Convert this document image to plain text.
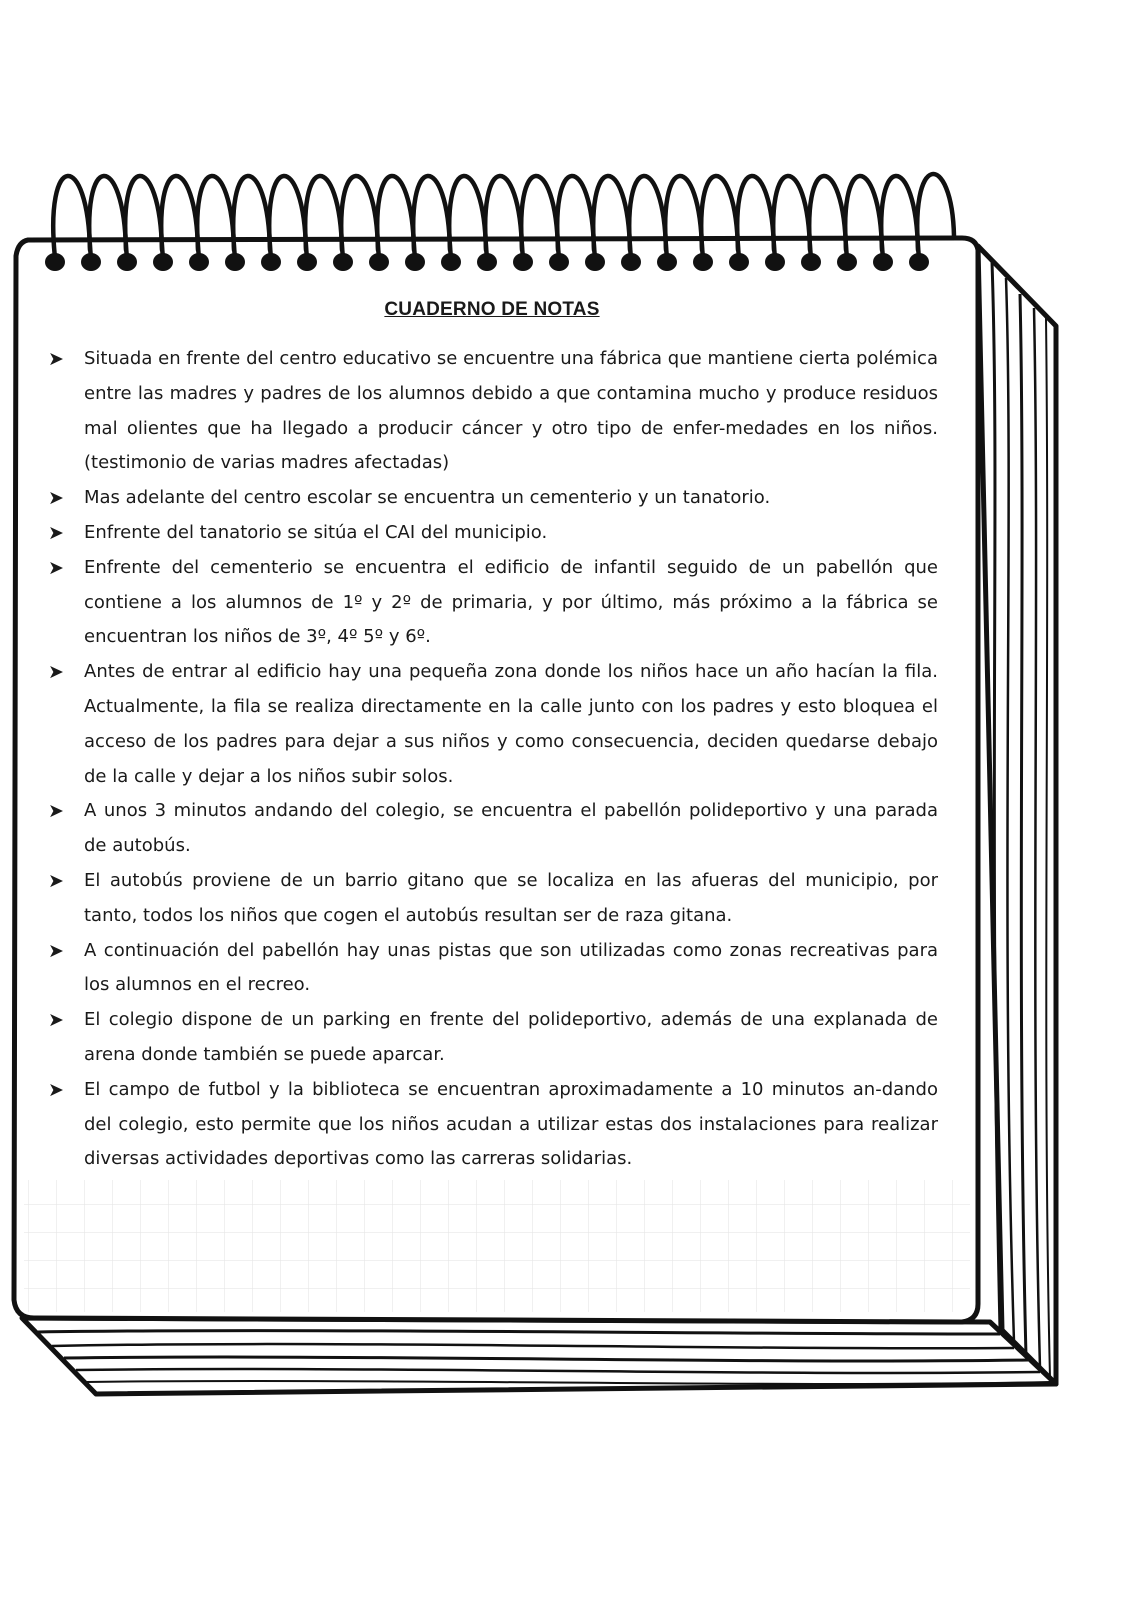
CUADERNO DE NOTAS
➤ Situada en frente del centro educativo se encuentre una fábrica que mantiene cierta polémica entre las madres y padres de los alumnos debido a que contamina mucho y produce residuos mal olientes que ha llegado a producir cáncer y otro tipo de enfer-medades en los niños. (testimonio de varias madres afectadas)
➤ Mas adelante del centro escolar se encuentra un cementerio y un tanatorio.
➤ Enfrente del tanatorio se sitúa el CAI del municipio.
➤ Enfrente del cementerio se encuentra el edificio de infantil seguido de un pabellón que contiene a los alumnos de 1º y 2º de primaria, y por último, más próximo a la fábrica se encuentran los niños de 3º, 4º 5º y 6º.
➤ Antes de entrar al edificio hay una pequeña zona donde los niños hace un año hacían la fila. Actualmente, la fila se realiza directamente en la calle junto con los padres y esto bloquea el acceso de los padres para dejar a sus niños y como consecuencia, deciden quedarse debajo de la calle y dejar a los niños subir solos.
➤ A unos 3 minutos andando del colegio, se encuentra el pabellón polideportivo y una parada de autobús.
➤ El autobús proviene de un barrio gitano que se localiza en las afueras del municipio, por tanto, todos los niños que cogen el autobús resultan ser de raza gitana.
➤ A continuación del pabellón hay unas pistas que son utilizadas como zonas recreativas para los alumnos en el recreo.
➤ El colegio dispone de un parking en frente del polideportivo, además de una explanada de arena donde también se puede aparcar.
➤ El campo de futbol y la biblioteca se encuentran aproximadamente a 10 minutos an-dando del colegio, esto permite que los niños acudan a utilizar estas dos instalaciones para realizar diversas actividades deportivas como las carreras solidarias.
